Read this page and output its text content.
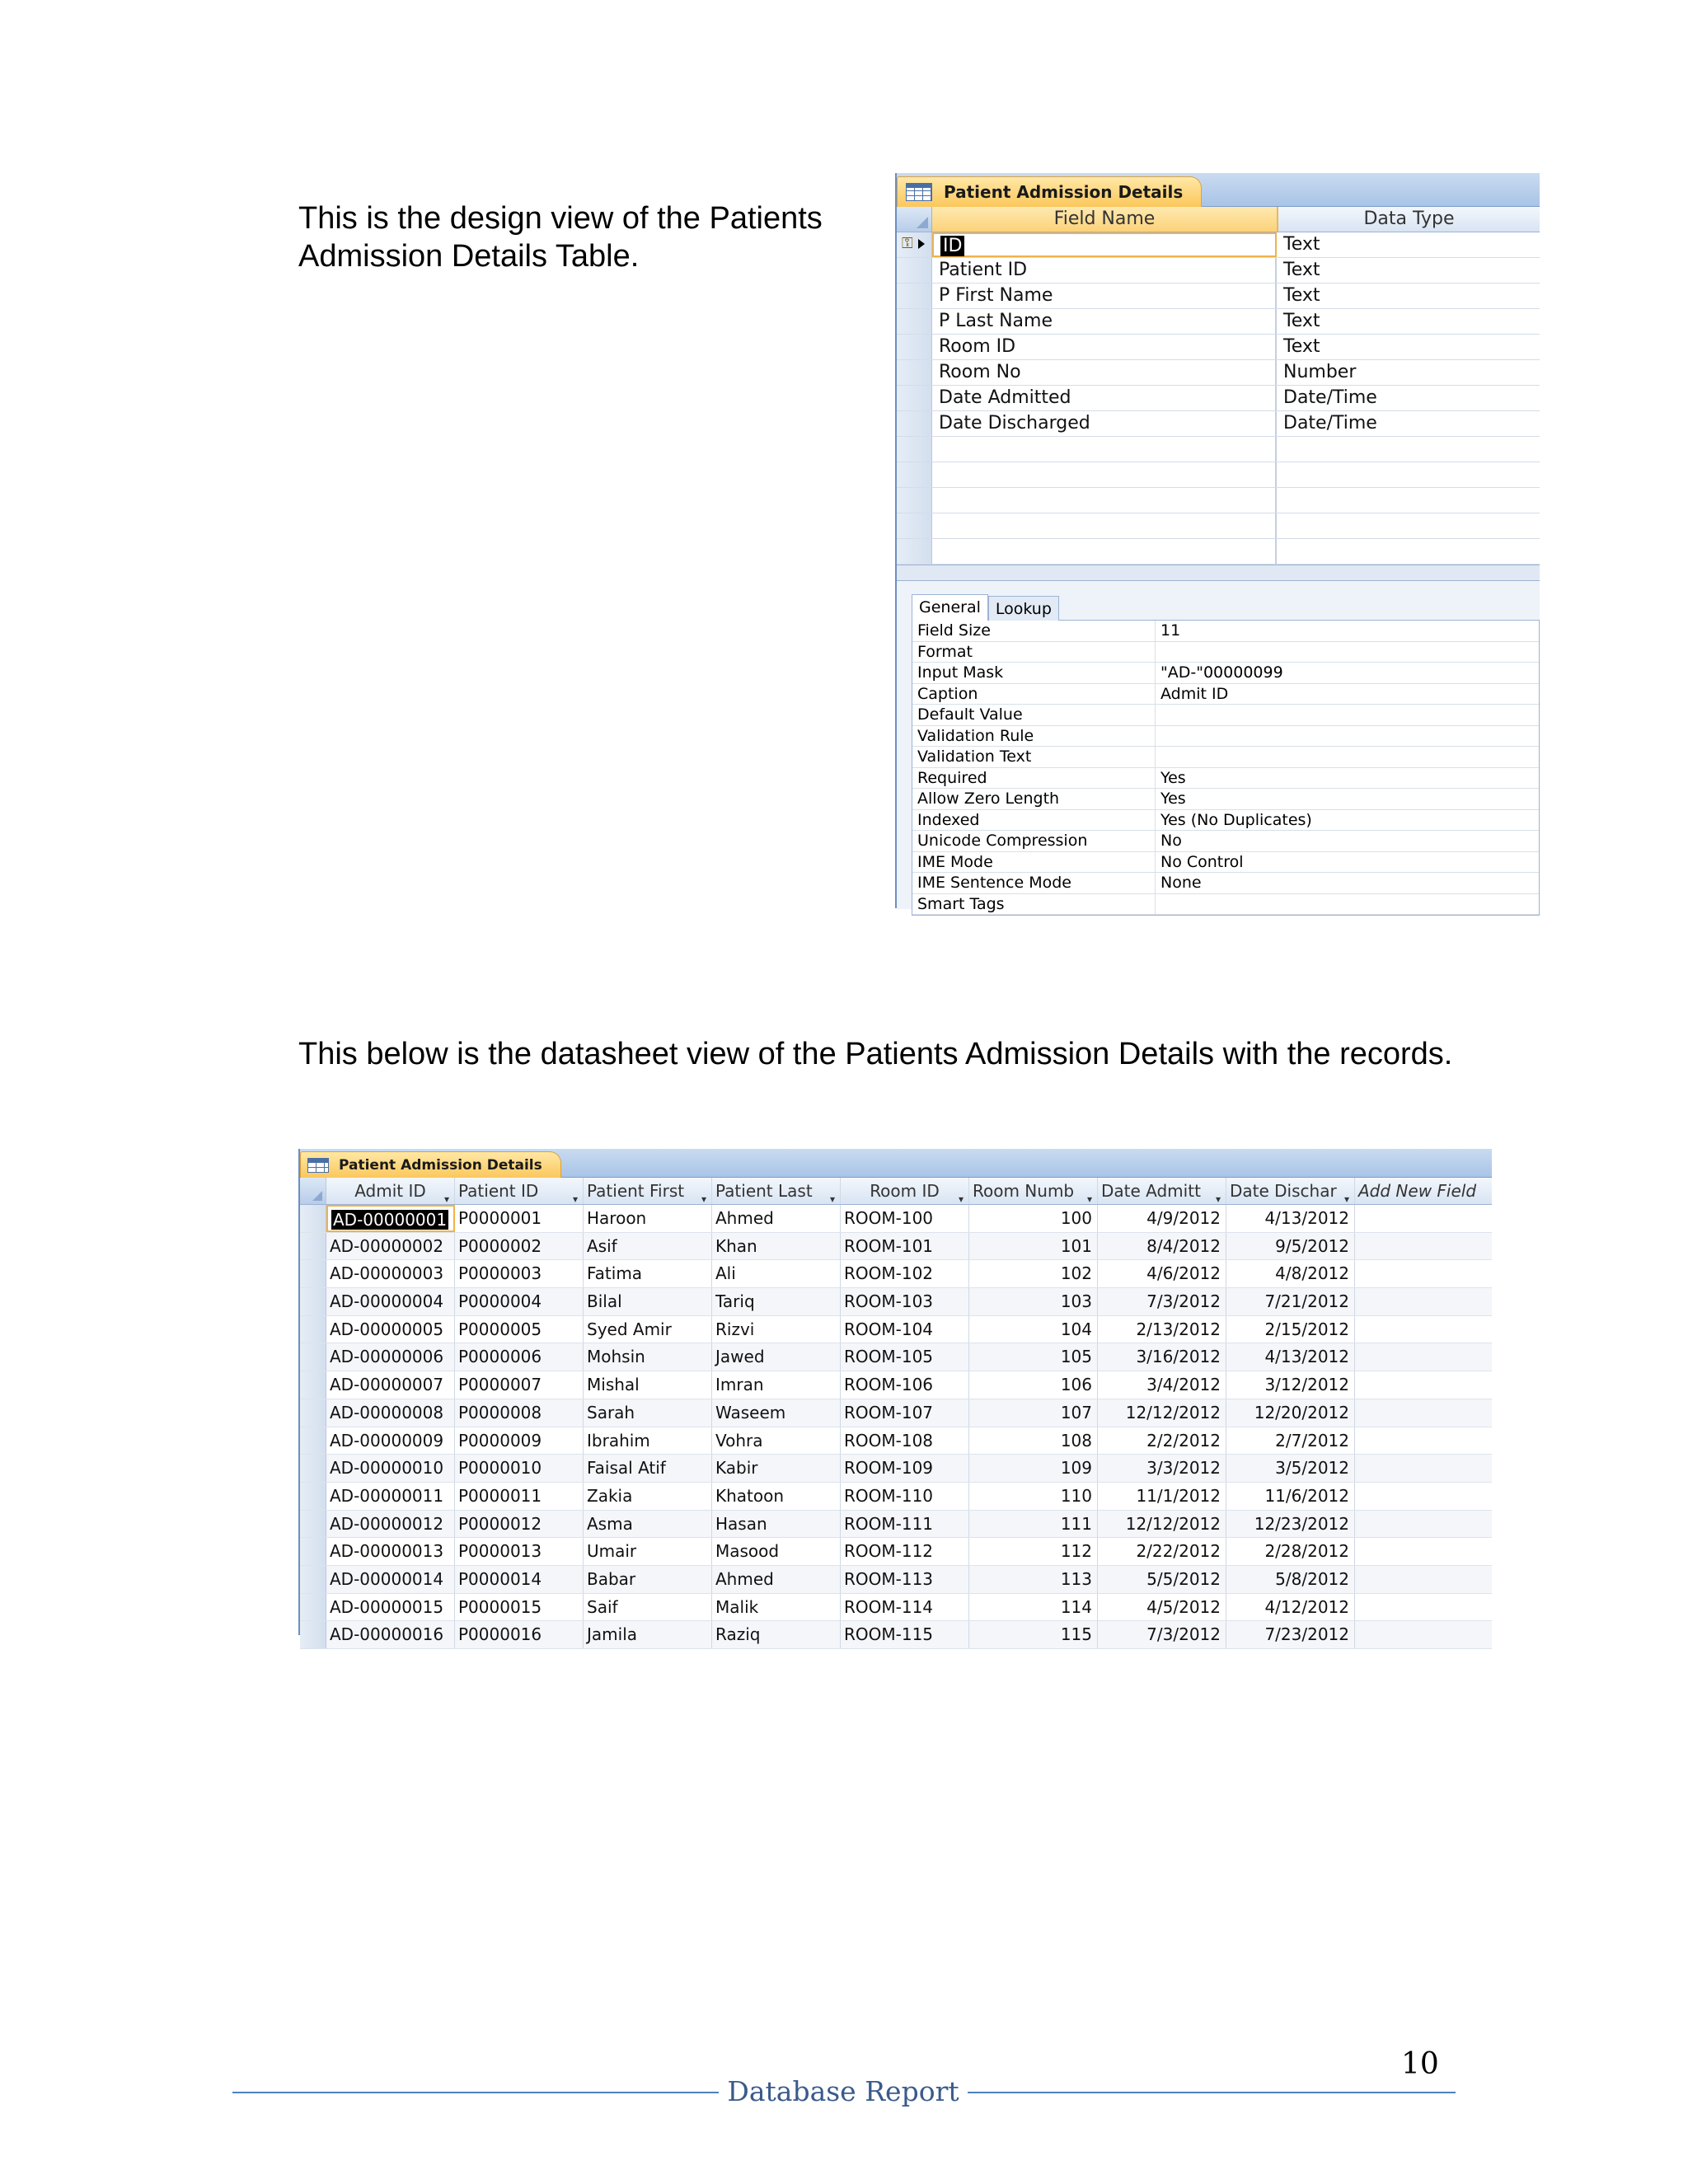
This is the design view of the Patients Admission Details Table.
Patient Admission Details
Field Name	Data Type
⚿	ID	Text
Patient ID	Text
P First Name	Text
P Last Name	Text
Room ID	Text
Room No	Number
Date Admitted	Date/Time
Date Discharged	Date/Time
General Lookup
Field Size	11
Format
Input Mask	"AD-"00000099
Caption	Admit ID
Default Value
Validation Rule
Validation Text
Required	Yes
Allow Zero Length	Yes
Indexed	Yes (No Duplicates)
Unicode Compression	No
IME Mode	No Control
IME Sentence Mode	None
Smart Tags
This below is the datasheet view of the Patients Admission Details with the records.
Patient Admission Details
Admit ID ▾ Patient ID	▾ Patient First ▾ Patient Last ▾	Room ID ▾ Room Numb ▾ Date Admitt ▾ Date Dischar ▾ Add New Field
AD-00000001 P0000001	Haroon	Ahmed	ROOM-100	100	4/9/2012	4/13/2012
AD-00000002 P0000002	Asif	Khan	ROOM-101	101	8/4/2012	9/5/2012
AD-00000003 P0000003	Fatima	Ali	ROOM-102	102	4/6/2012	4/8/2012
AD-00000004 P0000004	Bilal	Tariq	ROOM-103	103	7/3/2012	7/21/2012
AD-00000005 P0000005	Syed Amir	Rizvi	ROOM-104	104	2/13/2012	2/15/2012
AD-00000006 P0000006	Mohsin	Jawed	ROOM-105	105	3/16/2012	4/13/2012
AD-00000007 P0000007	Mishal	Imran	ROOM-106	106	3/4/2012	3/12/2012
AD-00000008 P0000008	Sarah	Waseem	ROOM-107	107	12/12/2012	12/20/2012
AD-00000009 P0000009	Ibrahim	Vohra	ROOM-108	108	2/2/2012	2/7/2012
AD-00000010 P0000010	Faisal Atif	Kabir	ROOM-109	109	3/3/2012	3/5/2012
AD-00000011 P0000011	Zakia	Khatoon	ROOM-110	110	11/1/2012	11/6/2012
AD-00000012 P0000012	Asma	Hasan	ROOM-111	111	12/12/2012	12/23/2012
AD-00000013 P0000013	Umair	Masood	ROOM-112	112	2/22/2012	2/28/2012
AD-00000014 P0000014	Babar	Ahmed	ROOM-113	113	5/5/2012	5/8/2012
AD-00000015 P0000015	Saif	Malik	ROOM-114	114	4/5/2012	4/12/2012
AD-00000016 P0000016	Jamila	Raziq	ROOM-115	115	7/3/2012	7/23/2012
10
Database Report
